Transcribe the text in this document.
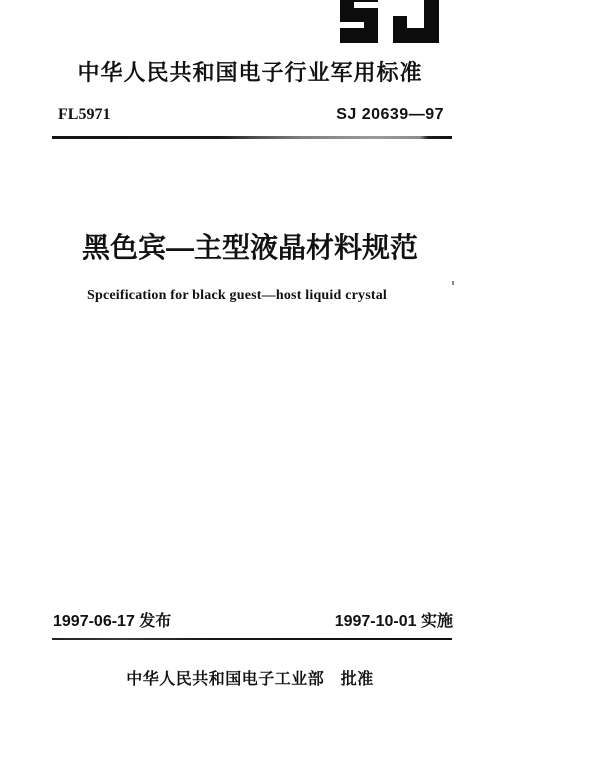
中华人民共和国电子行业军用标准
FL5971	SJ 20639—97
黑色宾—主型液晶材料规范
Spceification for black guest—host liquid crystal
1997-06-17 发布	1997-10-01 实施
中华人民共和国电子工业部　批准
